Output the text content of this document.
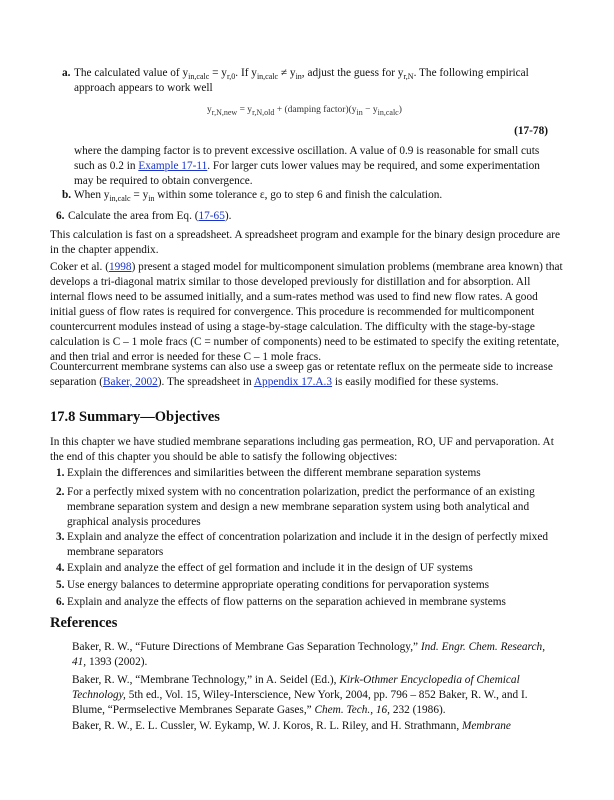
a. The calculated value of $y_{in,calc} = y_{r,0}$. If $y_{in,calc} \ne y_{in}$, adjust the guess for $y_{r,N}$. The following empirical approach appears to work well

$y_{r,N,new} = y_{r,N,old}$ + (damping $factor)(y_{in} - y_{in,calc})$
(17-78)

where the damping factor is to prevent excessive oscillation. A value of 0.9 is reasonable for small cuts such as 0.2 in Example 17-11. For larger cuts lower values may be required, and some experimentation may be required to obtain convergence.

b. When $y_{in,calc} = y_{in}$ within some tolerance ε, go to step 6 and finish the calculation.

6. Calculate the area from Eq. (17-65).

This calculation is fast on a spreadsheet. A spreadsheet program and example for the binary design procedure are in the chapter appendix.

Coker et al. (1998) present a staged model for multicomponent simulation problems (membrane area known) that develops a tri-diagonal matrix similar to those developed previously for distillation and for absorption. All internal flows need to be assumed initially, and a sum-rates method was used to find new flow rates. A good initial guess of flow rates is required for convergence. This procedure is recommended for multicomponent countercurrent modules instead of using a stage-by-stage calculation. The difficulty with the stage-by-stage calculation is C – 1 mole fracs (C = number of components) need to be estimated to specify the exiting retentate, and then trial and error is needed for these C – 1 mole fracs.

Countercurrent membrane systems can also use a sweep gas or retentate reflux on the permeate side to increase separation (Baker, 2002). The spreadsheet in Appendix 17.A.3 is easily modified for these systems.

17.8 Summary—Objectives

In this chapter we have studied membrane separations including gas permeation, RO, UF and pervaporation. At the end of this chapter you should be able to satisfy the following objectives:

1. Explain the differences and similarities between the different membrane separation systems

2. For a perfectly mixed system with no concentration polarization, predict the performance of an existing membrane separation system and design a new membrane separation system using both analytical and graphical analysis procedures

3. Explain and analyze the effect of concentration polarization and include it in the design of perfectly mixed membrane separators

4. Explain and analyze the effect of gel formation and include it in the design of UF systems

5. Use energy balances to determine appropriate operating conditions for pervaporation systems

6. Explain and analyze the effects of flow patterns on the separation achieved in membrane systems

References

Baker, R. W., “Future Directions of Membrane Gas Separation Technology,” Ind. Engr. Chem. Research, 41, 1393 (2002).

Baker, R. W., “Membrane Technology,” in A. Seidel (Ed.), Kirk-Othmer Encyclopedia of Chemical Technology, 5th ed., Vol. 15, Wiley-Interscience, New York, 2004, pp. 796 – 852 Baker, R. W., and I. Blume, “Permselective Membranes Separate Gases,” Chem. Tech., 16, 232 (1986).

Baker, R. W., E. L. Cussler, W. Eykamp, W. J. Koros, R. L. Riley, and H. Strathmann, Membrane
